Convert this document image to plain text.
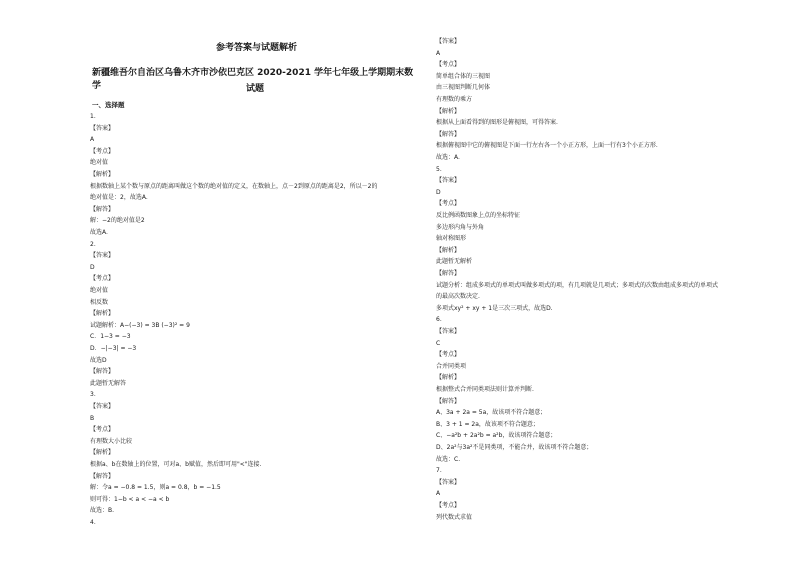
参考答案与试题解析
新疆维吾尔自治区乌鲁木齐市沙依巴克区 2020-2021 学年七年级上学期期末数学	试题
一、选择题
1.
【答案】
A
【考点】
绝对值
【解析】
根据数轴上某个数与原点的距离叫做这个数的绝对值的定义，在数轴上，点－2到原点的距离是2，所以－2的
绝对值是：2，故选A.
【解答】
解：−2的绝对值是2
故选A.
2.
【答案】
D
【考点】
绝对值
相反数
【解析】
试题解析：A−(−3) = 3B (−3)² = 9
C．1−3 = −3
D．−|−3| = −3
故选D
【解答】
此题暂无解答
3.
【答案】
B
【考点】
有理数大小比较
【解析】
根据a、b在数轴上的位置，可对a、b赋值，然后即可用"<"连接.
【解答】
解：令a = −0.8 = 1.5，则a = 0.8，b = −1.5
则可得：1−b < a < −a < b
故选：B.
4.
【答案】
A
【考点】
简单组合体的三视图
由三视图判断几何体
有理数的乘方
【解析】
根据从上面看得到的图形是俯视图，可得答案.
【解答】
根据俯视图中它的俯视图是下面一行左右各一个小正方形，上面一行有3个小正方形.
故选：A.
5.
【答案】
D
【考点】
反比例函数图象上点的坐标特征
多边形内角与外角
轴对称图形
【解析】
此题暂无解析
【解答】
试题分析：组成多项式的单项式叫做多项式的项，有几项就是几项式；多项式的次数由组成多项式的单项式
的最高次数决定.
多项式xy² + xy + 1是三次三项式，故选D.
6.
【答案】
C
【考点】
合并同类项
【解析】
根据整式合并同类项法则计算并判断.
【解答】
A、3a + 2a = 5a，故该项不符合题意；
B、3 + 1 = 2a，故该项不符合题意；
C、−a²b + 2a²b = a²b，故该项符合题意；
D、2a²与3a²不是同类项，不能合并，故该项不符合题意；
故选：C.
7.
【答案】
A
【考点】
列代数式求值
